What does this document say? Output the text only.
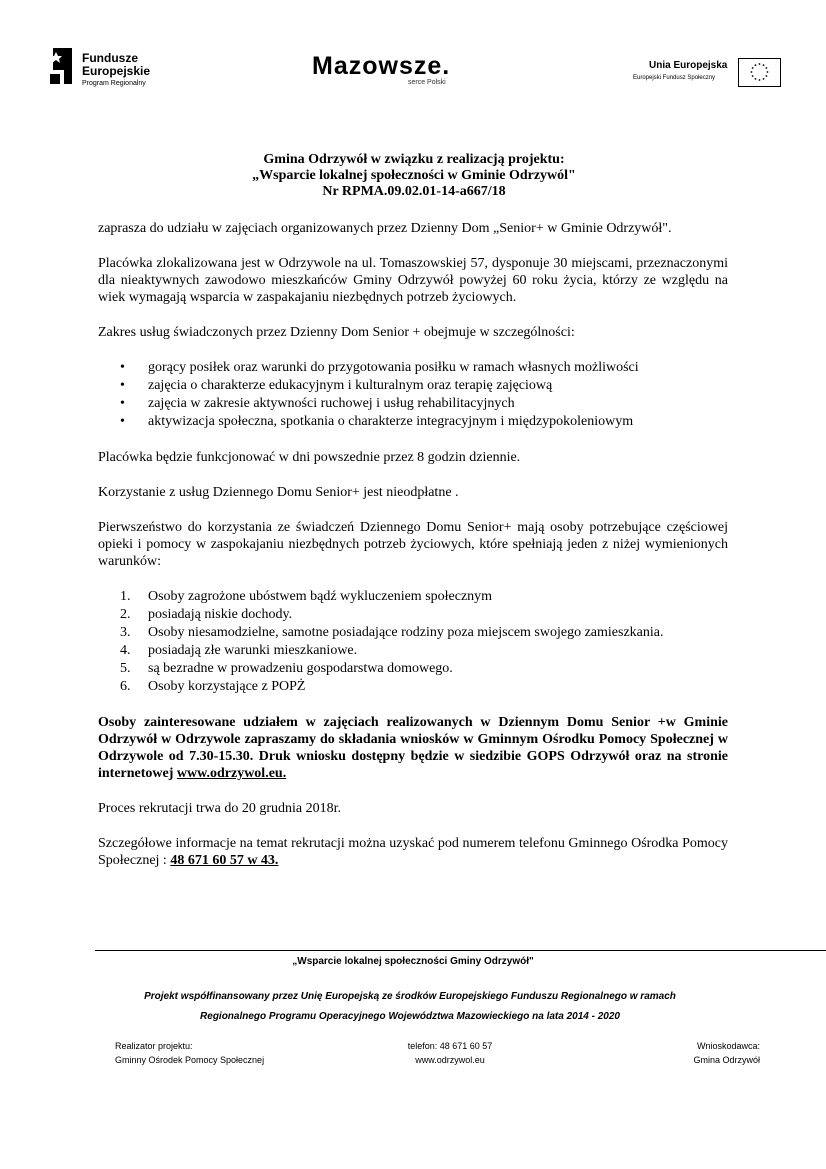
Fundusze
Europejskie
Program Regionalny
Mazowsze.
serce Polski
Unia Europejska
Europejski Fundusz Społeczny
Gmina Odrzywół w związku z realizacją projektu:
„Wsparcie lokalnej społeczności w Gminie Odrzywól"
Nr RPMA.09.02.01-14-a667/18

zaprasza do udziału w zajęciach organizowanych przez Dzienny Dom „Senior+ w Gminie Odrzywół".

Placówka zlokalizowana jest w Odrzywole na ul. Tomaszowskiej 57, dysponuje 30 miejscami, przeznaczonymi dla nieaktywnych zawodowo mieszkańców Gminy Odrzywół powyżej 60 roku życia, którzy ze względu na wiek wymagają wsparcia w zaspakajaniu niezbędnych potrzeb życiowych.

Zakres usług świadczonych przez Dzienny Dom Senior + obejmuje w szczególności:

• gorący posiłek oraz warunki do przygotowania posiłku w ramach własnych możliwości
• zajęcia o charakterze edukacyjnym i kulturalnym oraz terapię zajęciową
• zajęcia w zakresie aktywności ruchowej i usług rehabilitacyjnych
• aktywizacja społeczna, spotkania o charakterze integracyjnym i międzypokoleniowym

Placówka będzie funkcjonować w dni powszednie przez 8 godzin dziennie.

Korzystanie z usług Dziennego Domu Senior+ jest nieodpłatne .

Pierwszeństwo do korzystania ze świadczeń Dziennego Domu Senior+ mają osoby potrzebujące częściowej opieki i pomocy w zaspokajaniu niezbędnych potrzeb życiowych, które spełniają jeden z niżej wymienionych warunków:

1. Osoby zagrożone ubóstwem bądź wykluczeniem społecznym
2. posiadają niskie dochody.
3. Osoby niesamodzielne, samotne posiadające rodziny poza miejscem swojego zamieszkania.
4. posiadają złe warunki mieszkaniowe.
5. są bezradne w prowadzeniu gospodarstwa domowego.
6. Osoby korzystające z POPŻ

Osoby zainteresowane udziałem w zajęciach realizowanych w Dziennym Domu Senior +w Gminie Odrzywół w Odrzywole zapraszamy do składania wniosków w Gminnym Ośrodku Pomocy Społecznej w Odrzywole od 7.30-15.30. Druk wniosku dostępny będzie w siedzibie GOPS Odrzywół oraz na stronie internetowej www.odrzywol.eu.

Proces rekrutacji trwa do 20 grudnia 2018r.

Szczegółowe informacje na temat rekrutacji można uzyskać pod numerem telefonu Gminnego Ośrodka Pomocy Społecznej : 48 671 60 57 w 43.

„Wsparcie lokalnej społeczności Gminy Odrzywół"
Projekt współfinansowany przez Unię Europejską ze środków Europejskiego Funduszu Regionalnego w ramach
Regionalnego Programu Operacyjnego Województwa Mazowieckiego na lata 2014 - 2020
Realizator projektu:
Gminny Ośrodek Pomocy Społecznej
telefon: 48 671 60 57
www.odrzywol.eu
Wnioskodawca:
Gmina Odrzywół
